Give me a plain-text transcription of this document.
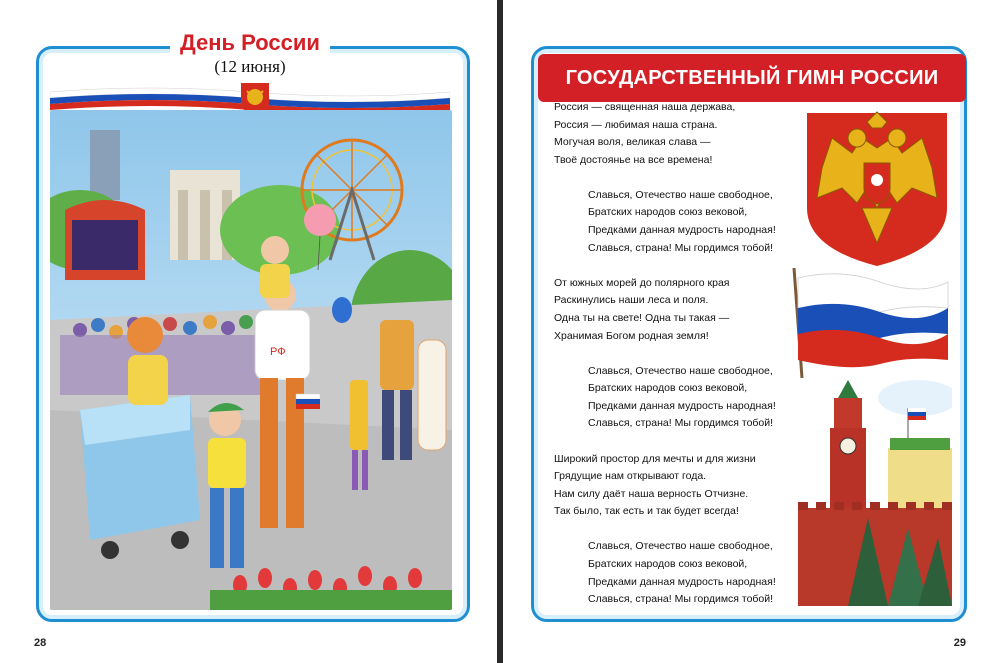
День России
(12 июня)
РФ
28	29
ГОСУДАРСТВЕННЫЙ ГИМН РОССИИ
Россия — священная наша держава,
Россия — любимая наша страна.
Могучая воля, великая слава —
Твоё достоянье на все времена!
Славься, Отечество наше свободное,
Братских народов союз вековой,
Предками данная мудрость народная!
Славься, страна! Мы гордимся тобой!
От южных морей до полярного края
Раскинулись наши леса и поля.
Одна ты на свете! Одна ты такая —
Хранимая Богом родная земля!
Славься, Отечество наше свободное,
Братских народов союз вековой,
Предками данная мудрость народная!
Славься, страна! Мы гордимся тобой!
Широкий простор для мечты и для жизни
Грядущие нам открывают года.
Нам силу даёт наша верность Отчизне.
Так было, так есть и так будет всегда!
Славься, Отечество наше свободное,
Братских народов союз вековой,
Предками данная мудрость народная!
Славься, страна! Мы гордимся тобой!
